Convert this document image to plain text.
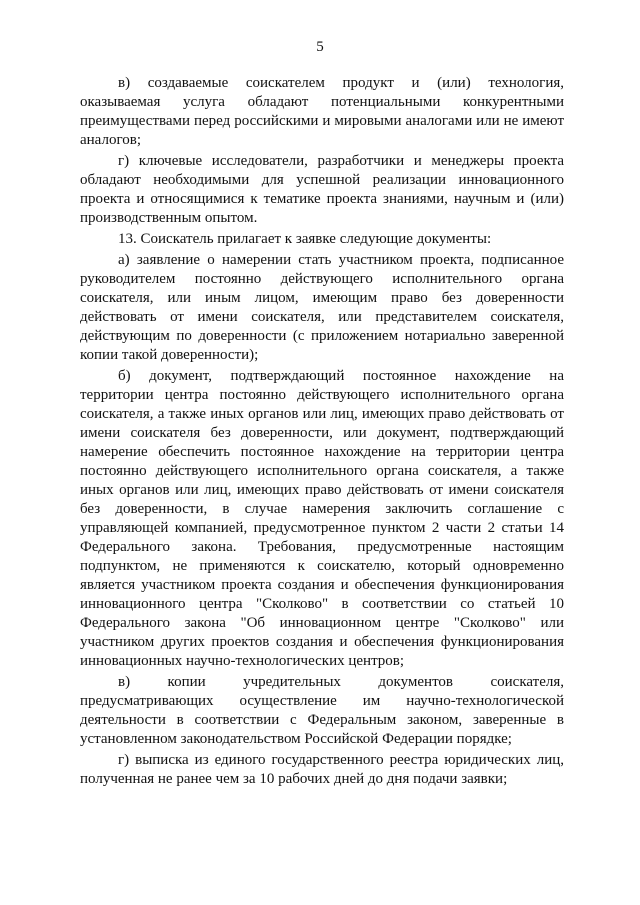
5

в) создаваемые соискателем продукт и (или) технология, оказываемая услуга обладают потенциальными конкурентными преимуществами перед российскими и мировыми аналогами или не имеют аналогов;

г) ключевые исследователи, разработчики и менеджеры проекта обладают необходимыми для успешной реализации инновационного проекта и относящимися к тематике проекта знаниями, научным и (или) производственным опытом.

13. Соискатель прилагает к заявке следующие документы:

а) заявление о намерении стать участником проекта, подписанное руководителем постоянно действующего исполнительного органа соискателя, или иным лицом, имеющим право без доверенности действовать от имени соискателя, или представителем соискателя, действующим по доверенности (с приложением нотариально заверенной копии такой доверенности);

б) документ, подтверждающий постоянное нахождение на территории центра постоянно действующего исполнительного органа соискателя, а также иных органов или лиц, имеющих право действовать от имени соискателя без доверенности, или документ, подтверждающий намерение обеспечить постоянное нахождение на территории центра постоянно действующего исполнительного органа соискателя, а также иных органов или лиц, имеющих право действовать от имени соискателя без доверенности, в случае намерения заключить соглашение с управляющей компанией, предусмотренное пунктом 2 части 2 статьи 14 Федерального закона. Требования, предусмотренные настоящим подпунктом, не применяются к соискателю, который одновременно является участником проекта создания и обеспечения функционирования инновационного центра "Сколково" в соответствии со статьей 10 Федерального закона "Об инновационном центре "Сколково" или участником других проектов создания и обеспечения функционирования инновационных научно-технологических центров;

в) копии учредительных документов соискателя, предусматривающих осуществление им научно-технологической деятельности в соответствии с Федеральным законом, заверенные в установленном законодательством Российской Федерации порядке;

г) выписка из единого государственного реестра юридических лиц, полученная не ранее чем за 10 рабочих дней до дня подачи заявки;
